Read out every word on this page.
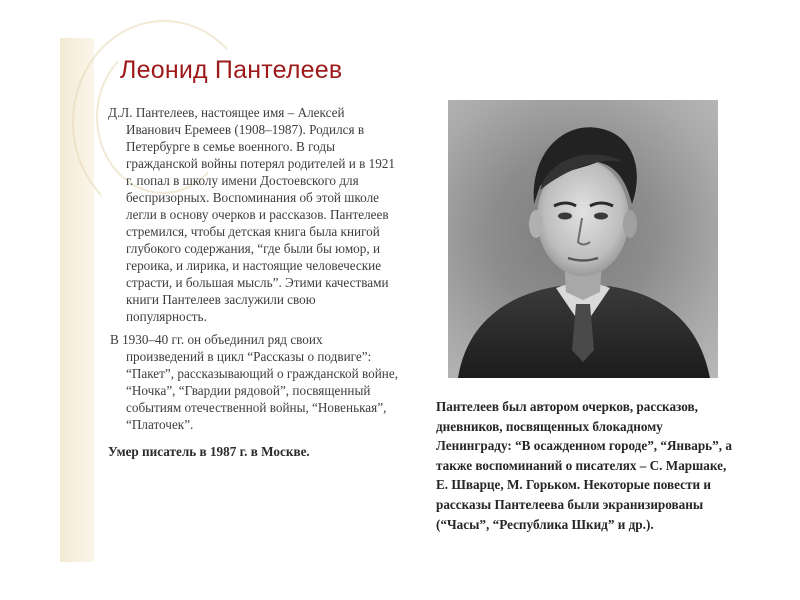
Леонид Пантелеев

Д.Л. Пантелеев, настоящее имя – Алексей Иванович Еремеев (1908–1987). Родился в Петербурге в семье военного. В годы гражданской войны потерял родителей и в 1921 г. попал в школу имени Достоевского для беспризорных. Воспоминания об этой школе легли в основу очерков и рассказов. Пантелеев стремился, чтобы детская книга была книгой глубокого содержания, “где были бы юмор, и героика, и лирика, и настоящие человеческие страсти, и большая мысль”. Этими качествами книги Пантелеев заслужили свою популярность.

В 1930–40 гг. он объединил ряд своих произведений в цикл “Рассказы о подвиге”: “Пакет”, рассказывающий о гражданской войне, “Ночка”, “Гвардии рядовой”, посвященный событиям отечественной войны, “Новенькая”, “Платочек”.

Умер писатель в 1987 г. в Москве.

Пантелеев был автором очерков, рассказов, дневников, посвященных блокадному Ленинграду: “В осажденном городе”, “Январь”, а также воспоминаний о писателях – С. Маршаке, Е. Шварце, М. Горьком. Некоторые повести и рассказы Пантелеева были экранизированы (“Часы”, “Республика Шкид” и др.).
